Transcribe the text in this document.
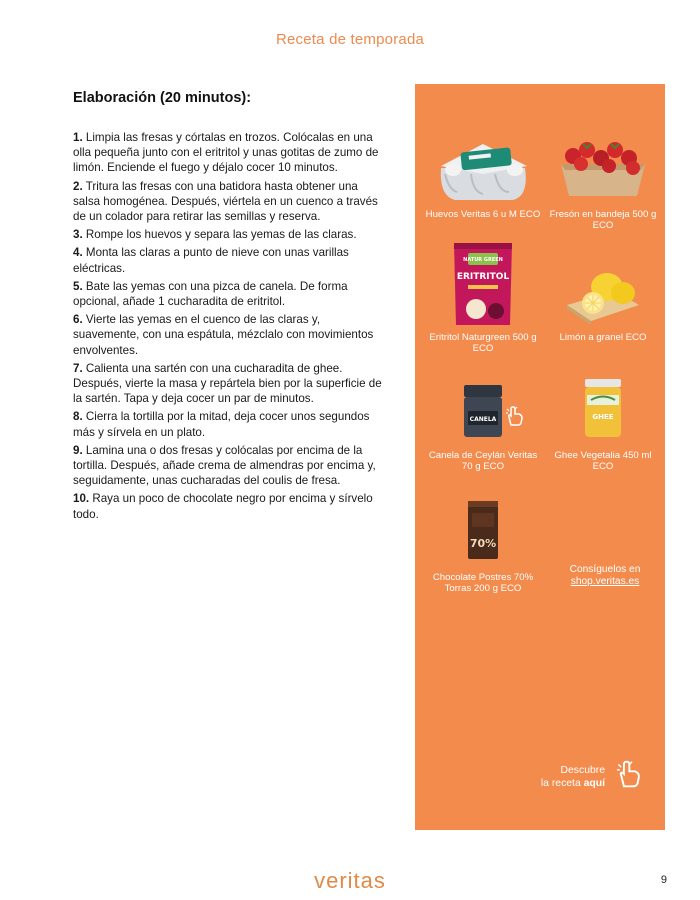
Receta de temporada
Elaboración (20 minutos):

1. Limpia las fresas y córtalas en trozos. Colócalas en una olla pequeña junto con el eritritol y unas gotitas de zumo de limón. Enciende el fuego y déjalo cocer 10 minutos.

2. Tritura las fresas con una batidora hasta obtener una salsa homogénea. Después, viértela en un cuenco a través de un colador para retirar las semillas y reserva.

3. Rompe los huevos y separa las yemas de las claras.

4. Monta las claras a punto de nieve con unas varillas eléctricas.

5. Bate las yemas con una pizca de canela. De forma opcional, añade 1 cucharadita de eritritol.

6. Vierte las yemas en el cuenco de las claras y, suavemente, con una espátula, mézclalo con movimientos envolventes.

7. Calienta una sartén con una cucharadita de ghee. Después, vierte la masa y repártela bien por la superficie de la sartén. Tapa y deja cocer un par de minutos.

8. Cierra la tortilla por la mitad, deja cocer unos segundos más y sírvela en un plato.

9. Lamina una o dos fresas y colócalas por encima de la tortilla. Después, añade crema de almendras por encima y, seguidamente, unas cucharadas del coulis de fresa.

10. Raya un poco de chocolate negro por encima y sírvelo todo.

Huevos Veritas 6 u M ECO Fresón en bandeja 500 g ECO
NATUR GREEN
ERITRITOL
Eritritol Naturgreen 500 g ECO
Limón a granel ECO
CANELA
Canela de Ceylán Veritas 70 g ECO
GHEE
Ghee Vegetalia 450 ml ECO
70%
Chocolate Postres 70% Torras 200 g ECO
Consíguelos en
shop.veritas.es
Descubre
la receta aquí
veritas	9
